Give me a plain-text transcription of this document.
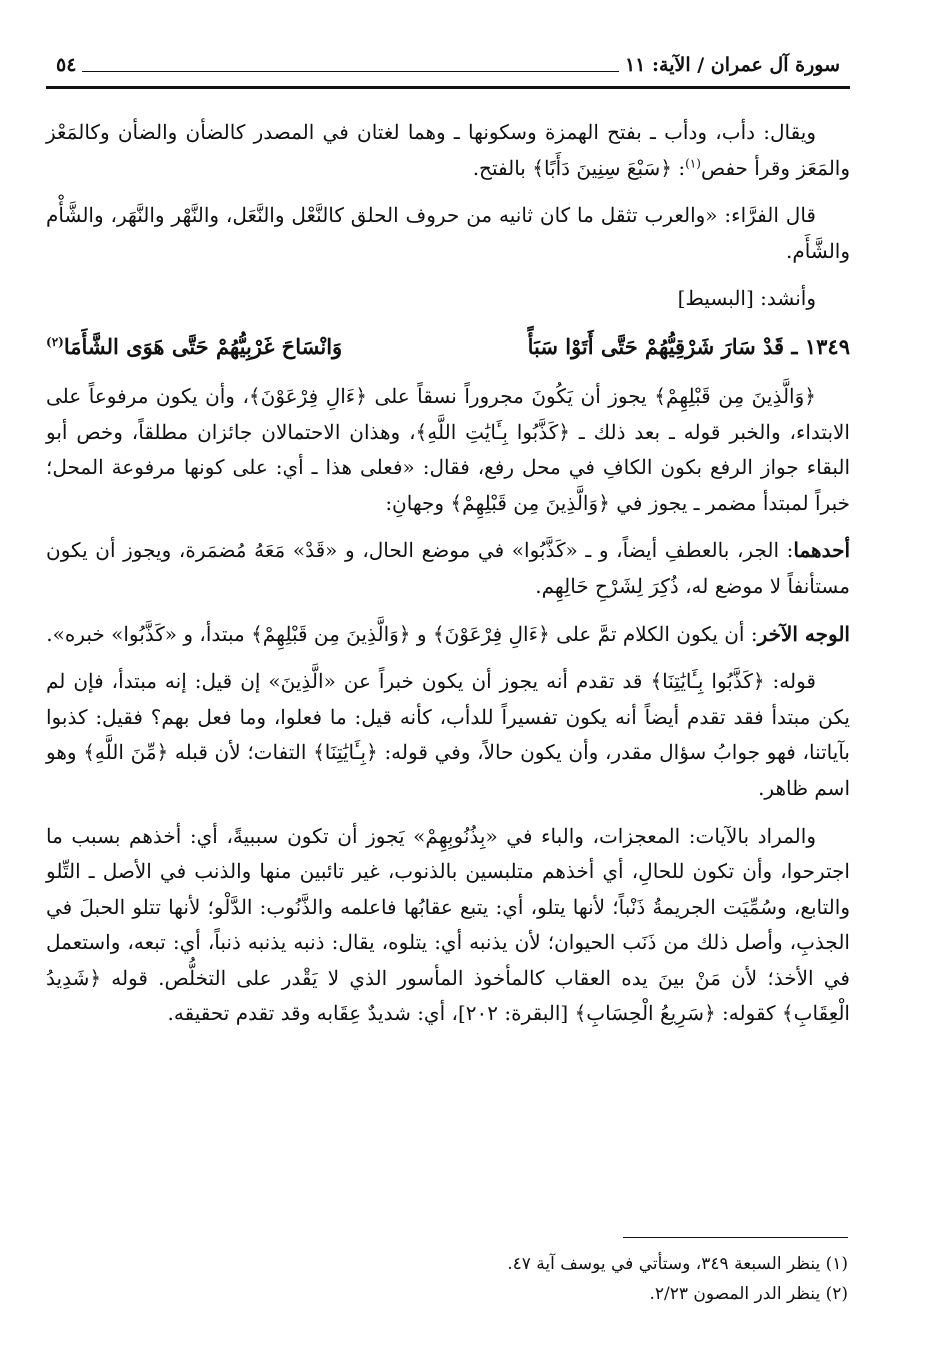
سورة آل عمران / الآية: ١١
٥٤

ويقال: دأب، ودأب ـ بفتح الهمزة وسكونها ـ وهما لغتان في المصدر كالضأن والضأن وكالمَعْز والمَعَز وقرأ حفص$^{(١)}$: ﴿سَبْعَ سِنِينَ دَأَبًا﴾ بالفتح.

قال الفرَّاء: «والعرب تثقل ما كان ثانيه من حروف الحلق كالنَّعْل والنَّعَل، والنَّهْر والنَّهَر، والشَّأْم والشَّأَم.

وأنشد: [البسيط]

١٣٤٩ ـ قَدْ سَارَ شَرْقِيُّهُمْ حَتَّى أَتَوْا سَبَأً
وَانْسَاحَ غَرْبِيُّهُمْ حَتَّى هَوَى الشَّأَمَا$^{(٢)}$

﴿وَالَّذِينَ مِن قَبْلِهِمْ﴾ يجوز أن يَكُونَ مجروراً نسقاً على ﴿ءَالِ فِرْعَوْنَ﴾، وأن يكون مرفوعاً على الابتداء، والخبر قوله ـ بعد ذلك ـ ﴿كَذَّبُوا بِـَٔايَٰتِ اللَّهِ﴾، وهذان الاحتمالان جائزان مطلقاً، وخص أبو البقاء جواز الرفع بكون الكافِ في محل رفع، فقال: «فعلى هذا ـ أي: على كونها مرفوعة المحل؛ خبراً لمبتدأ مضمر ـ يجوز في ﴿وَالَّذِينَ مِن قَبْلِهِمْ﴾ وجهانِ:

أحدهما: الجر، بالعطفِ أيضاً، و ـ «كَذَّبُوا» في موضع الحال، و «قَدْ» مَعَهُ مُضمَرة، ويجوز أن يكون مستأنفاً لا موضع له، ذُكِرَ لِشَرْحِ حَالِهِم.

الوجه الآخر: أن يكون الكلام تمَّ على ﴿ءَالِ فِرْعَوْنَ﴾ و ﴿وَالَّذِينَ مِن قَبْلِهِمْ﴾ مبتدأ، و «كَذَّبُوا» خبره».

قوله: ﴿كَذَّبُوا بِـَٔايَٰتِنَا﴾ قد تقدم أنه يجوز أن يكون خبراً عن «الَّذِينَ» إن قيل: إنه مبتدأ، فإن لم يكن مبتدأ فقد تقدم أيضاً أنه يكون تفسيراً للدأب، كأنه قيل: ما فعلوا، وما فعل بهم؟ فقيل: كذبوا بآياتنا، فهو جوابُ سؤال مقدر، وأن يكون حالاً، وفي قوله: ﴿بِـَٔايَٰتِنَا﴾ التفات؛ لأن قبله ﴿مِّنَ اللَّهِ﴾ وهو اسم ظاهر.

والمراد بالآيات: المعجزات، والباء في «بِذُنُوبِهِمْ» يَجوز أن تكون سببيةً، أي: أخذهم بسبب ما اجترحوا، وأن تكون للحالِ، أي أخذهم متلبسين بالذنوب، غير تائبين منها والذنب في الأصل ـ التِّلو والتابع، وسُمِّيَت الجريمةُ ذَنْباً؛ لأنها يتلو، أي: يتبع عقابُها فاعلمه والذَّنُوب: الدَّلْو؛ لأنها تتلو الحبلَ في الجذبِ، وأصل ذلك من ذَنَب الحيوان؛ لأن يذنبه أي: يتلوه، يقال: ذنبه يذنبه ذنباً، أي: تبعه، واستعمل في الأخذ؛ لأن مَنْ بينَ يده العقاب كالمأخوذ المأسور الذي لا يَقْدر على التخلُّص. قوله ﴿شَدِيدُ الْعِقَابِ﴾ كقوله: ﴿سَرِيعُ الْحِسَابِ﴾ [البقرة: ٢٠٢]، أي: شديدٌ عِقَابه وقد تقدم تحقيقه.

(١) ينظر السبعة ٣٤٩، وستأتي في يوسف آية ٤٧.
(٢) ينظر الدر المصون ٢/٢٣.
